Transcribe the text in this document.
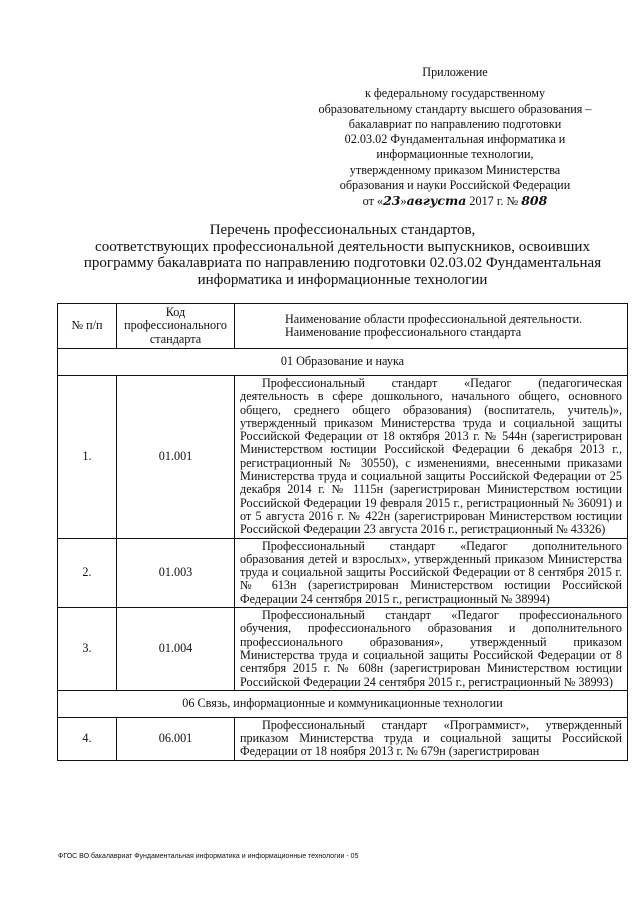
Приложение
к федеральному государственному
образовательному стандарту высшего образования –
бакалавриат по направлению подготовки
02.03.02 Фундаментальная информатика и
информационные технологии,
утвержденному приказом Министерства
образования и науки Российской Федерации
от «23»августа 2017 г. № 808
Перечень профессиональных стандартов,
соответствующих профессиональной деятельности выпускников, освоивших
программу бакалавриата по направлению подготовки 02.03.02 Фундаментальная
информатика и информационные технологии
№ п/п	Код профессионального стандарта	Наименование области профессиональной деятельности. Наименование профессионального стандарта
01 Образование и наука		
1.	01.001	Профессиональный стандарт «Педагог (педагогическая деятельность в сфере дошкольного, начального общего, основного общего, среднего общего образования) (воспитатель, учитель)», утвержденный приказом Министерства труда и социальной защиты Российской Федерации от 18 октября 2013 г. № 544н (зарегистрирован Министерством юстиции Российской Федерации 6 декабря 2013 г., регистрационный № 30550), с изменениями, внесенными приказами Министерства труда и социальной защиты Российской Федерации от 25 декабря 2014 г. № 1115н (зарегистрирован Министерством юстиции Российской Федерации 19 февраля 2015 г., регистрационный № 36091) и от 5 августа 2016 г. № 422н (зарегистрирован Министерством юстиции Российской Федерации 23 августа 2016 г., регистрационный № 43326)
2.	01.003	Профессиональный стандарт «Педагог дополнительного образования детей и взрослых», утвержденный приказом Министерства труда и социальной защиты Российской Федерации от 8 сентября 2015 г. № 613н (зарегистрирован Министерством юстиции Российской Федерации 24 сентября 2015 г., регистрационный № 38994)
3.	01.004	Профессиональный стандарт «Педагог профессионального обучения, профессионального образования и дополнительного профессионального образования», утвержденный приказом Министерства труда и социальной защиты Российской Федерации от 8 сентября 2015 г. № 608н (зарегистрирован Министерством юстиции Российской Федерации 24 сентября 2015 г., регистрационный № 38993)
06 Связь, информационные и коммуникационные технологии		
4.	06.001	Профессиональный стандарт «Программист», утвержденный приказом Министерства труда и социальной защиты Российской Федерации от 18 ноября 2013 г. № 679н (зарегистрирован
ФГОС ВО бакалавриат Фундаментальная информатика и информационные технологии - 05
